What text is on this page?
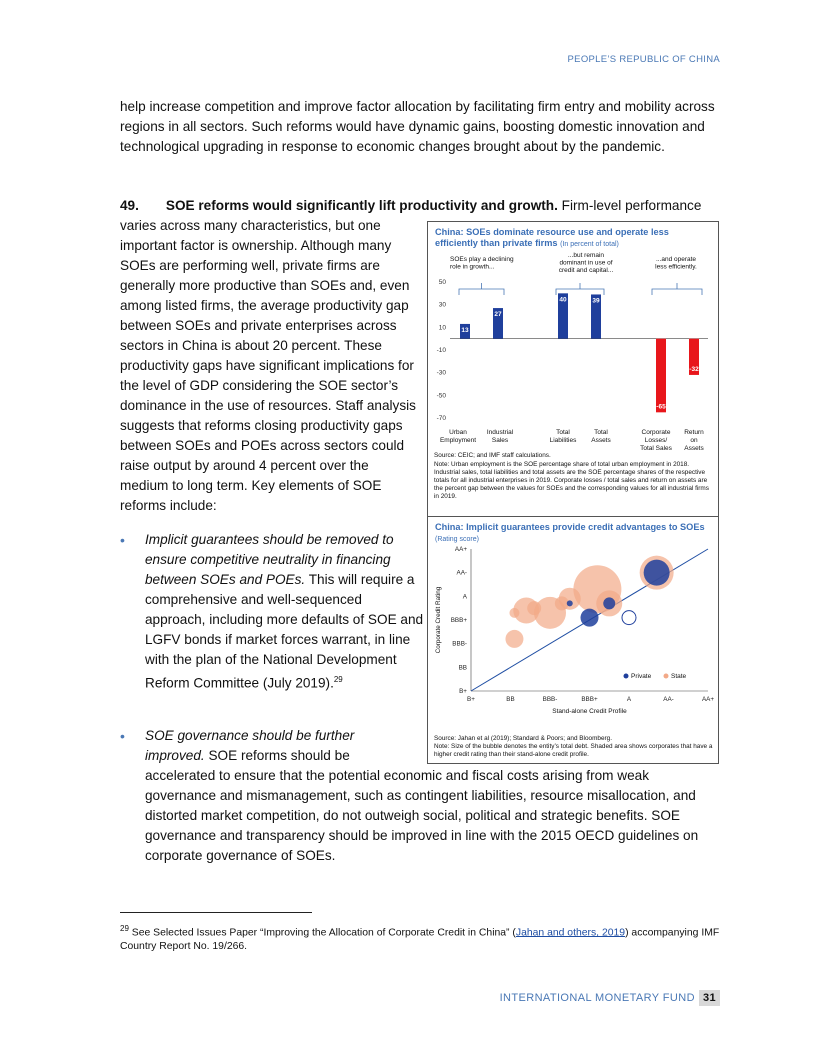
PEOPLE’S REPUBLIC OF CHINA

help increase competition and improve factor allocation by facilitating firm entry and mobility across regions in all sectors. Such reforms would have dynamic gains, boosting domestic innovation and technological upgrading in response to economic changes brought about by the pandemic.

49. SOE reforms would significantly lift productivity and growth. Firm-level performance

varies across many characteristics, but one important factor is ownership. Although many SOEs are performing well, private firms are generally more productive than SOEs and, even among listed firms, the average productivity gap between SOEs and private enterprises across sectors in China is about 20 percent. These productivity gaps have significant implications for the level of GDP considering the SOE sector’s dominance in the use of resources. Staff analysis suggests that reforms closing productivity gaps between SOEs and POEs across sectors could raise output by around 4 percent over the medium to long term. Key elements of SOE reforms include:

• Implicit guarantees should be removed to ensure competitive neutrality in financing between SOEs and POEs. This will require a comprehensive and well-sequenced approach, including more defaults of SOE and LGFV bonds if market forces warrant, in line with the plan of the National Development Reform Committee (July 2019).$^{29}$
• SOE governance should be further improved. SOE reforms should be accelerated to ensure that the potential economic and fiscal costs arising from weak governance and mismanagement, such as contingent liabilities, resource misallocation, and distorted market competition, do not outweigh social, political and strategic benefits. SOE governance and transparency should be improved in line with the 2015 OECD guidelines on corporate governance of SOEs.
$^{29}$ See Selected Issues Paper “Improving the Allocation of Corporate Credit in China” (Jahan and others, 2019) accompanying IMF Country Report No. 19/266.
INTERNATIONAL MONETARY FUND 31
China: SOEs dominate resource use and operate less efficiently than private firms (In percent of total)
50
30
10
-10
-30
-50
-70
13
27
40	39
-65
-32
Urban Employment
Industrial Sales
Total Liabilities
Total Assets
Corporate Losses/ Total Sales
Return on Assets
SOEs play a declining role in growth...
...but remain dominant in use of credit and capital...
...and operate less efficiently.
Source: CEIC; and IMF staff calculations.
Note: Urban employment is the SOE percentage share of total urban employment in 2018. Industrial sales, total liabilities and total assets are the SOE percentage shares of the respective totals for all industrial enterprises in 2019. Corporate losses / total sales and return on assets are the percent gap between the values for SOEs and the corresponding values for all industrial firms in 2019.
China: Implicit guarantees provide credit advantages to SOEs (Rating score)
B+	BB	BBB-	BBB+	A	AA-	AA+
B+
BB
BBB-
BBB+
A
AA-
AA+
Stand-alone Credit Profile
Corporate Credit Rating
Private	State
Source: Jahan et al (2019); Standard & Poors; and Bloomberg.
Note: Size of the bubble denotes the entity’s total debt. Shaded area shows corporates that have a higher credit rating than their stand-alone credit profile.
